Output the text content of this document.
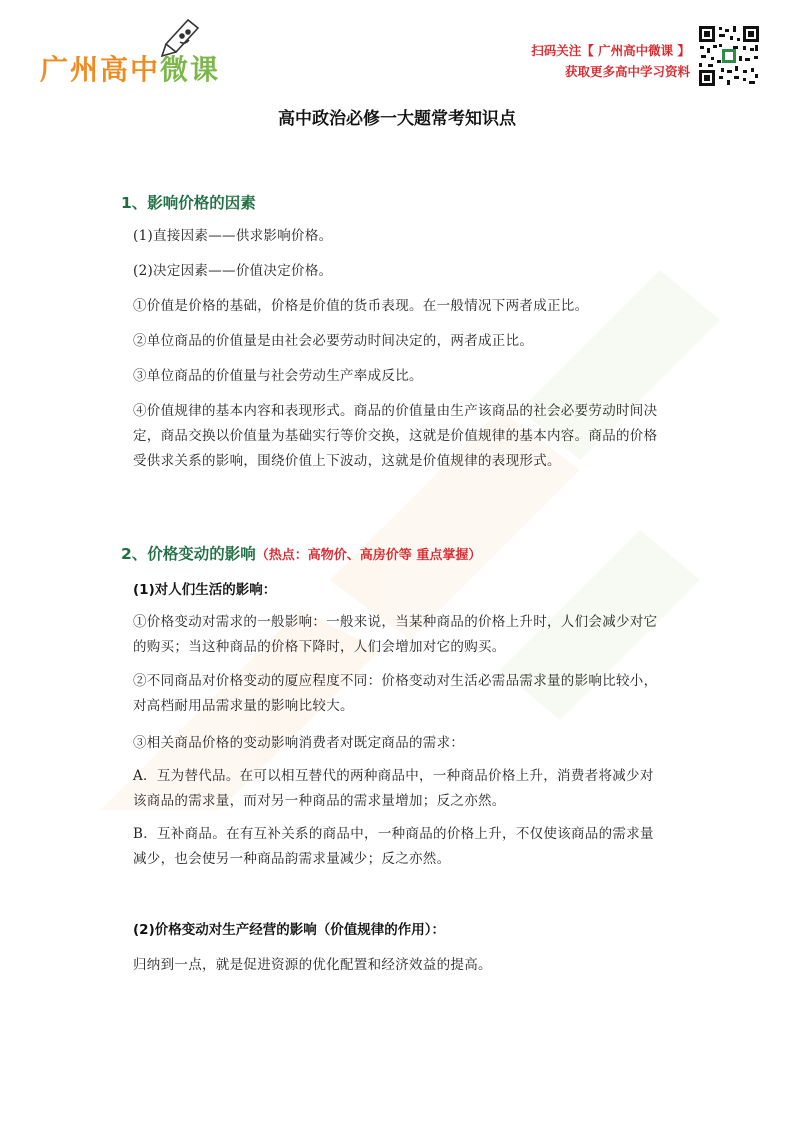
广州高中微课
扫码关注【 广州高中微课 】
获取更多高中学习资料
高中政治必修一大题常考知识点
1、影响价格的因素
(1)直接因素——供求影响价格。
(2)决定因素——价值决定价格。
①价值是价格的基础，价格是价值的货币表现。在一般情况下两者成正比。
②单位商品的价值量是由社会必要劳动时间决定的，两者成正比。
③单位商品的价值量与社会劳动生产率成反比。
④价值规律的基本内容和表现形式。商品的价值量由生产该商品的社会必要劳动时间决定，商品交换以价值量为基础实行等价交换，这就是价值规律的基本内容。商品的价格受供求关系的影响，围绕价值上下波动，这就是价值规律的表现形式。
2、价格变动的影响（热点：高物价、高房价等 重点掌握）
(1)对人们生活的影响：
①价格变动对需求的一般影响：一般来说，当某种商品的价格上升时，人们会减少对它的购买；当这种商品的价格下降时，人们会增加对它的购买。
②不同商品对价格变动的厦应程度不同：价格变动对生活必需品需求量的影响比较小，对高档耐用品需求量的影响比较大。
③相关商品价格的变动影响消费者对既定商品的需求：
A．互为替代品。在可以相互替代的两种商品中，一种商品价格上升，消费者将减少对该商品的需求量，而对另一种商品的需求量增加；反之亦然。
B．互补商品。在有互补关系的商品中，一种商品的价格上升，不仅使该商品的需求量减少，也会使另一种商品韵需求量减少；反之亦然。
(2)价格变动对生产经营的影响（价值规律的作用）：
归纳到一点，就是促进资源的优化配置和经济效益的提高。
